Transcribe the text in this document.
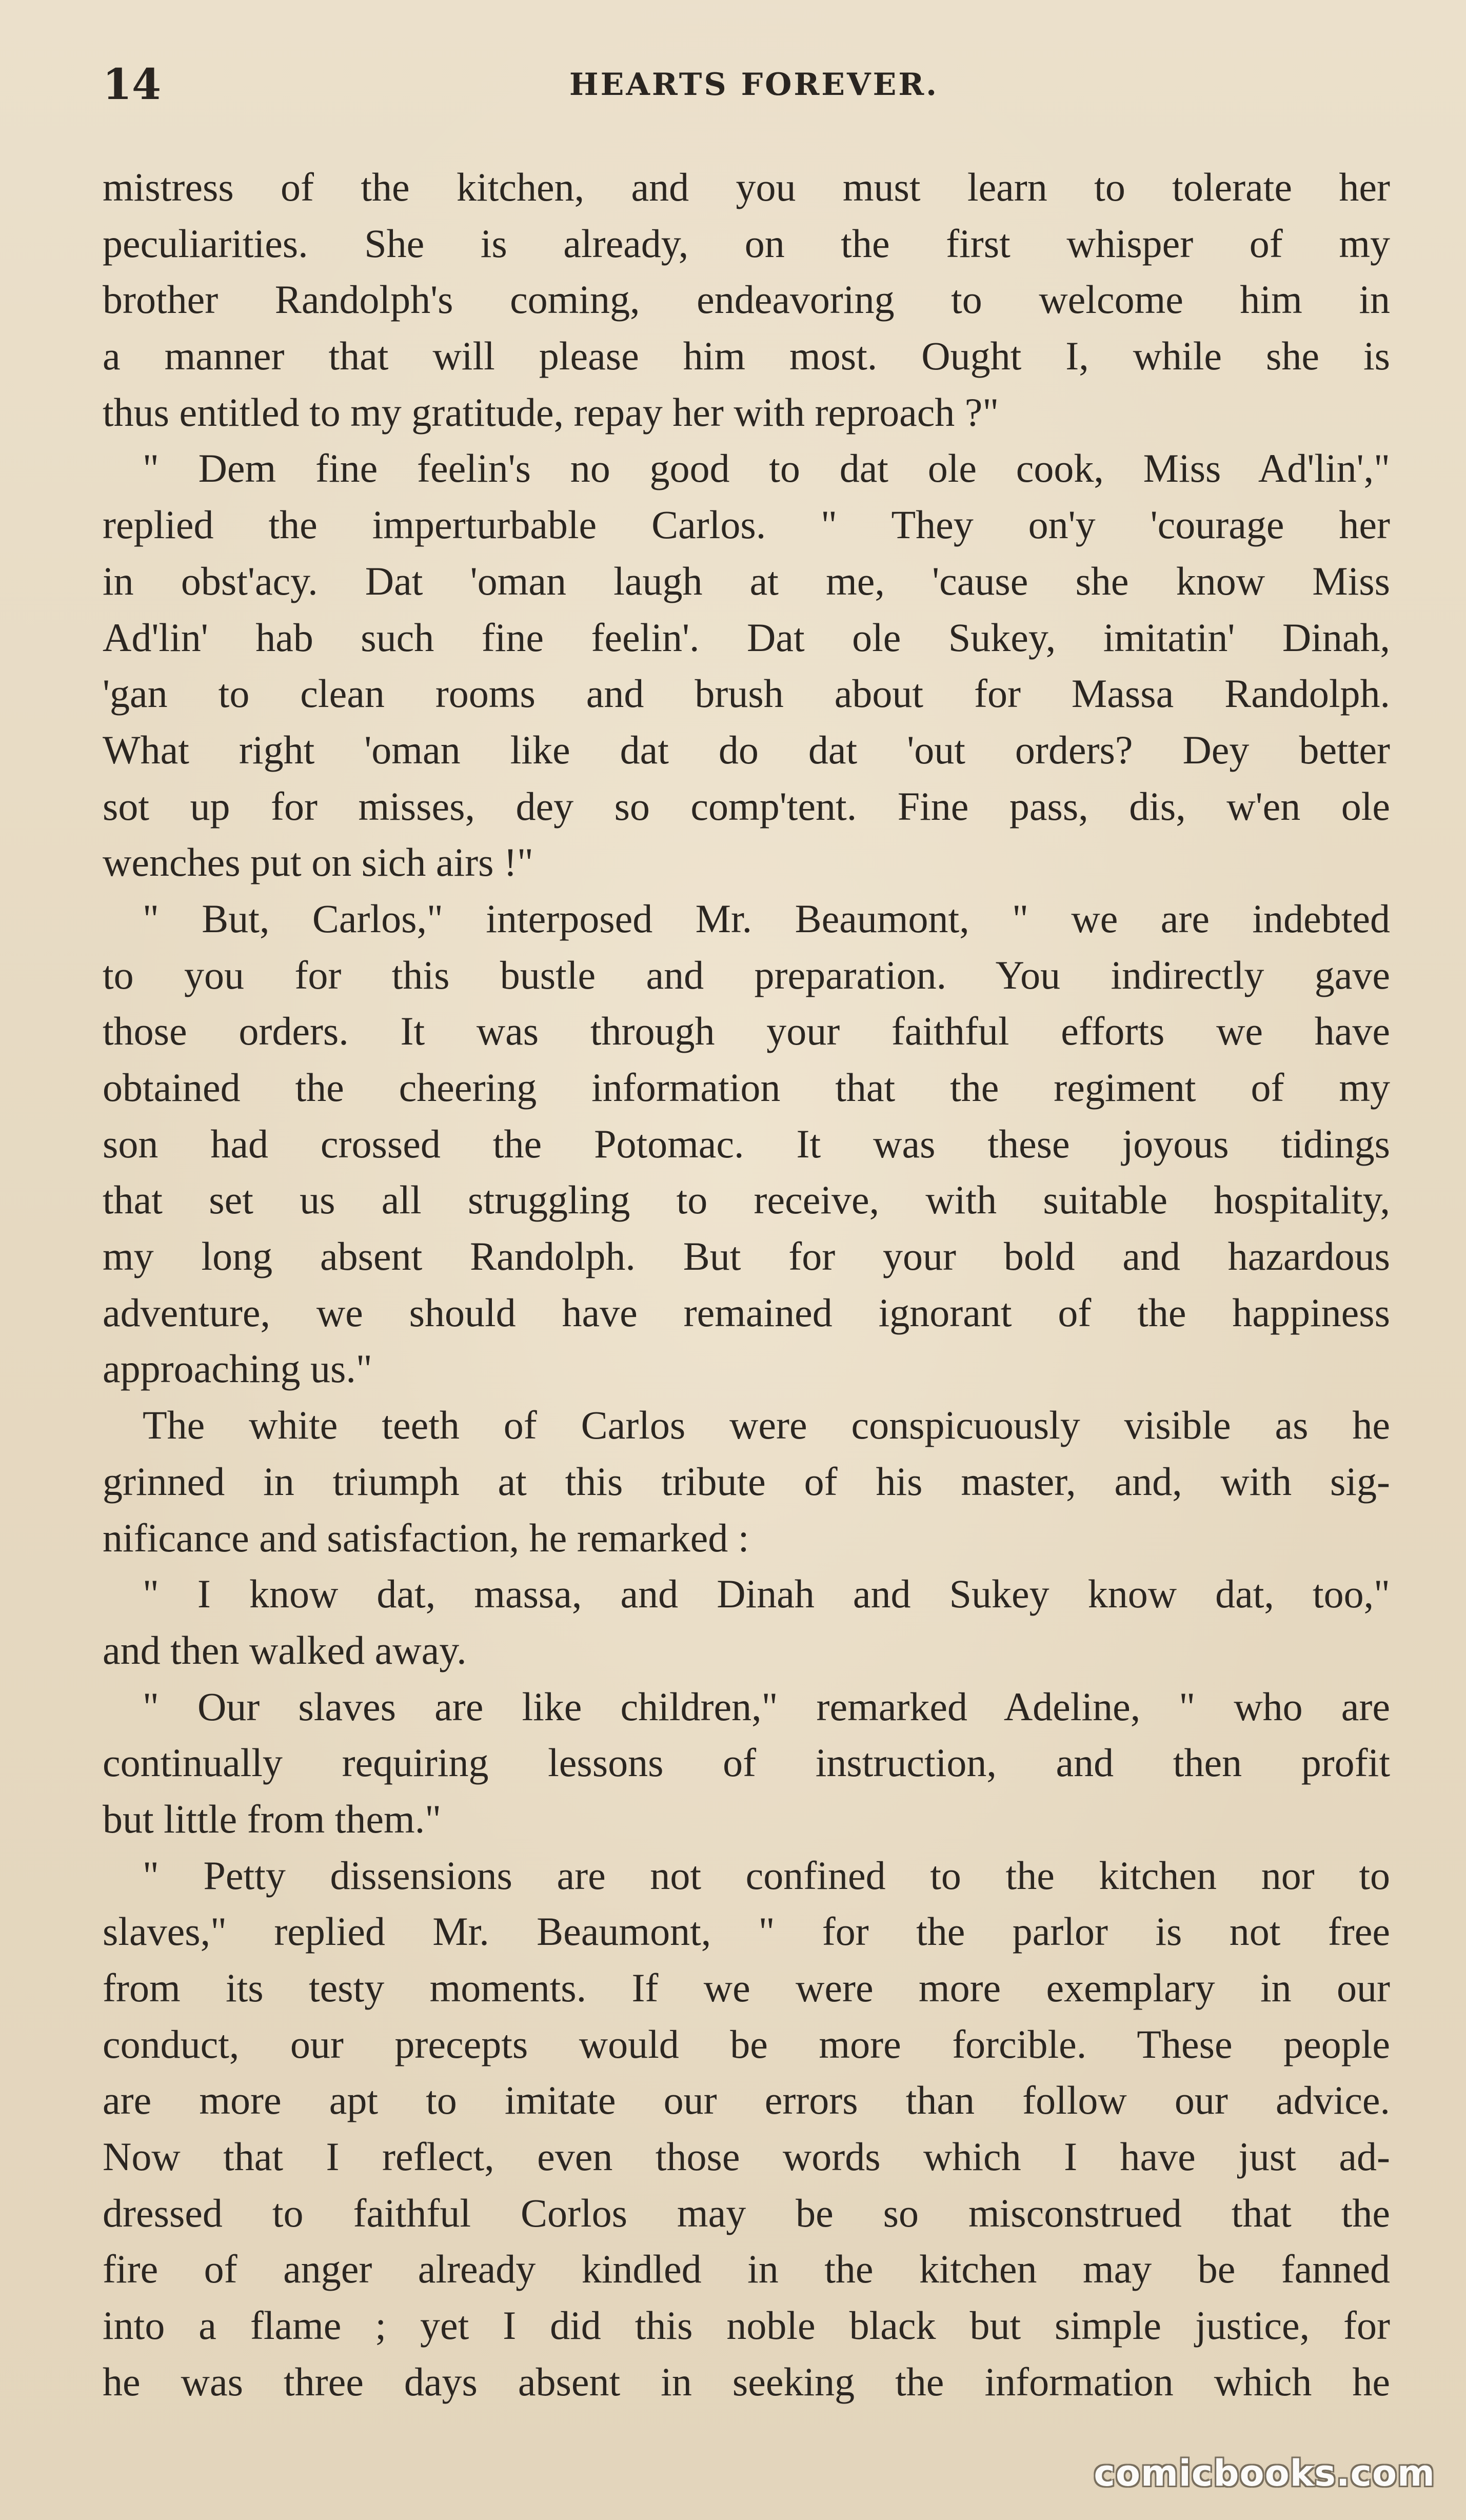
14	HEARTS FOREVER.
mistress of the kitchen, and you must learn to tolerate her
peculiarities. She is already, on the first whisper of my
brother Randolph's coming, endeavoring to welcome him in
a manner that will please him most. Ought I, while she is
thus entitled to my gratitude, repay her with reproach ?"
" Dem fine feelin's no good to dat ole cook, Miss Ad'lin',"
replied the imperturbable Carlos. " They on'y 'courage her
in obst'acy. Dat 'oman laugh at me, 'cause she know Miss
Ad'lin' hab such fine feelin'. Dat ole Sukey, imitatin' Dinah,
'gan to clean rooms and brush about for Massa Randolph.
What right 'oman like dat do dat 'out orders? Dey better
sot up for misses, dey so comp'tent. Fine pass, dis, w'en ole
wenches put on sich airs !"
" But, Carlos," interposed Mr. Beaumont, " we are indebted
to you for this bustle and preparation. You indirectly gave
those orders. It was through your faithful efforts we have
obtained the cheering information that the regiment of my
son had crossed the Potomac. It was these joyous tidings
that set us all struggling to receive, with suitable hospitality,
my long absent Randolph. But for your bold and hazardous
adventure, we should have remained ignorant of the happiness
approaching us."
The white teeth of Carlos were conspicuously visible as he
grinned in triumph at this tribute of his master, and, with sig-
nificance and satisfaction, he remarked :
" I know dat, massa, and Dinah and Sukey know dat, too,"
and then walked away.
" Our slaves are like children," remarked Adeline, " who are
continually requiring lessons of instruction, and then profit
but little from them."
" Petty dissensions are not confined to the kitchen nor to
slaves," replied Mr. Beaumont, " for the parlor is not free
from its testy moments. If we were more exemplary in our
conduct, our precepts would be more forcible. These people
are more apt to imitate our errors than follow our advice.
Now that I reflect, even those words which I have just ad-
dressed to faithful Corlos may be so misconstrued that the
fire of anger already kindled in the kitchen may be fanned
into a flame ; yet I did this noble black but simple justice, for
he was three days absent in seeking the information which he
comicbooks.com
